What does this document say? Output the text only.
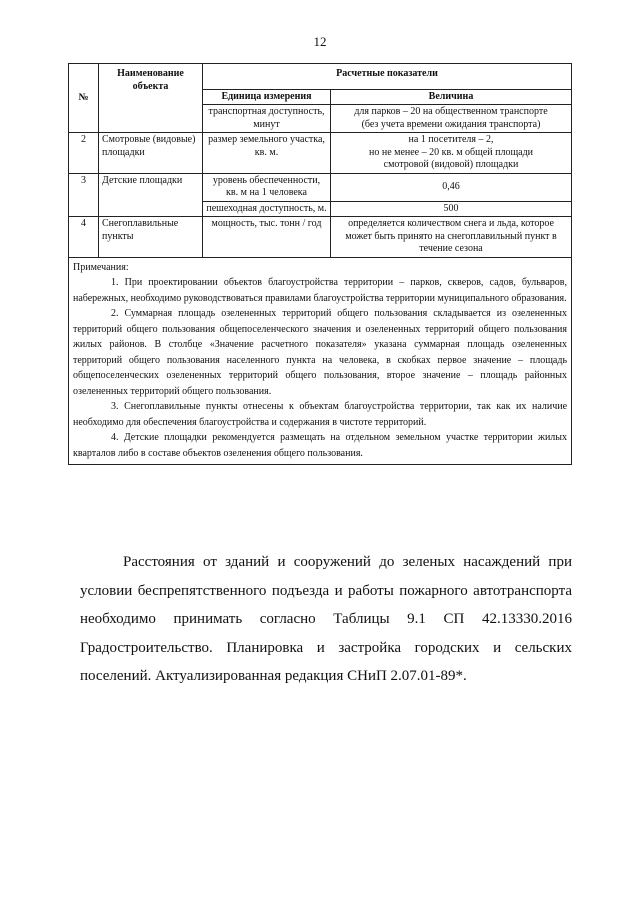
12
№	Наименование объекта	Расчетные показатели	
		Единица измерения	Величина
		транспортная доступность, минут	для парков – 20 на общественном транспорте
(без учета времени ожидания транспорта)

2	Смотровые (видовые) площадки	размер земельного участка, кв. м.	на 1 посетителя – 2,
но не менее – 20 кв. м общей площади
смотровой (видовой) площадки

3	Детские площадки	уровень обеспеченности, кв. м на 1 человека	0,46
		пешеходная доступность, м.	500
4	Снегоплавильные пункты	мощность, тыс. тонн / год	определяется количеством снега и льда, которое может быть принято на снегоплавильный пункт в течение сезона

Примечания:

1. При проектировании объектов благоустройства территории – парков, скверов, садов, бульваров, набережных, необходимо руководствоваться правилами благоустройства территории муниципального образования.

2. Суммарная площадь озелененных территорий общего пользования складывается из озелененных территорий общего пользования общепоселенческого значения и озелененных территорий общего пользования жилых районов. В столбце «Значение расчетного показателя» указана суммарная площадь озелененных территорий общего пользования населенного пункта на человека, в скобках первое значение – площадь общепоселенческих озелененных территорий общего пользования, второе значение – площадь районных озелененных территорий общего пользования.

3. Снегоплавильные пункты отнесены к объектам благоустройства территории, так как их наличие необходимо для обеспечения благоустройства и содержания в чистоте территорий.

4. Детские площадки рекомендуется размещать на отдельном земельном участке территории жилых кварталов либо в составе объектов озеленения общего пользования.			

Расстояния от зданий и сооружений до зеленых насаждений при условии беспрепятственного подъезда и работы пожарного автотранспорта необходимо принимать согласно Таблицы 9.1 СП 42.13330.2016 Градостроительство. Планировка и застройка городских и сельских поселений. Актуализированная редакция СНиП 2.07.01-89*.
